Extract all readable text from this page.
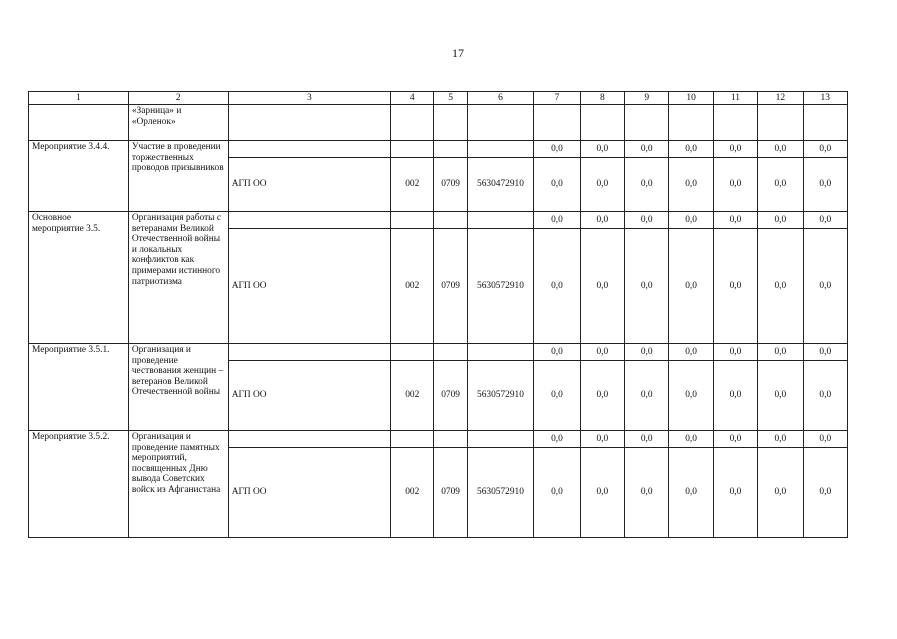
17
1	2	3	4	5	6	7	8	9	10	11	12	13
	«Зарница» и «Орленок»											
Мероприятие 3.4.4.	Участие в проведении торжественных проводов призывников					0,0	0,0	0,0	0,0	0,0	0,0	0,0
		АГП ОО	002	0709	5630472910	0,0	0,0	0,0	0,0	0,0	0,0	0,0
Основное мероприятие 3.5.	Организация работы с ветеранами Великой Отечественной войны и локальных конфликтов как примерами истинного патриотизма					0,0	0,0	0,0	0,0	0,0	0,0	0,0
		АГП ОО	002	0709	5630572910	0,0	0,0	0,0	0,0	0,0	0,0	0,0
Мероприятие 3.5.1.	Организация и проведение чествования женщин – ветеранов Великой Отечественной войны					0,0	0,0	0,0	0,0	0,0	0,0	0,0
		АГП ОО	002	0709	5630572910	0,0	0,0	0,0	0,0	0,0	0,0	0,0
Мероприятие 3.5.2.	Организация и проведение памятных мероприятий, посвященных Дню вывода Советских войск из Афганистана					0,0	0,0	0,0	0,0	0,0	0,0	0,0
		АГП ОО	002	0709	5630572910	0,0	0,0	0,0	0,0	0,0	0,0	0,0
